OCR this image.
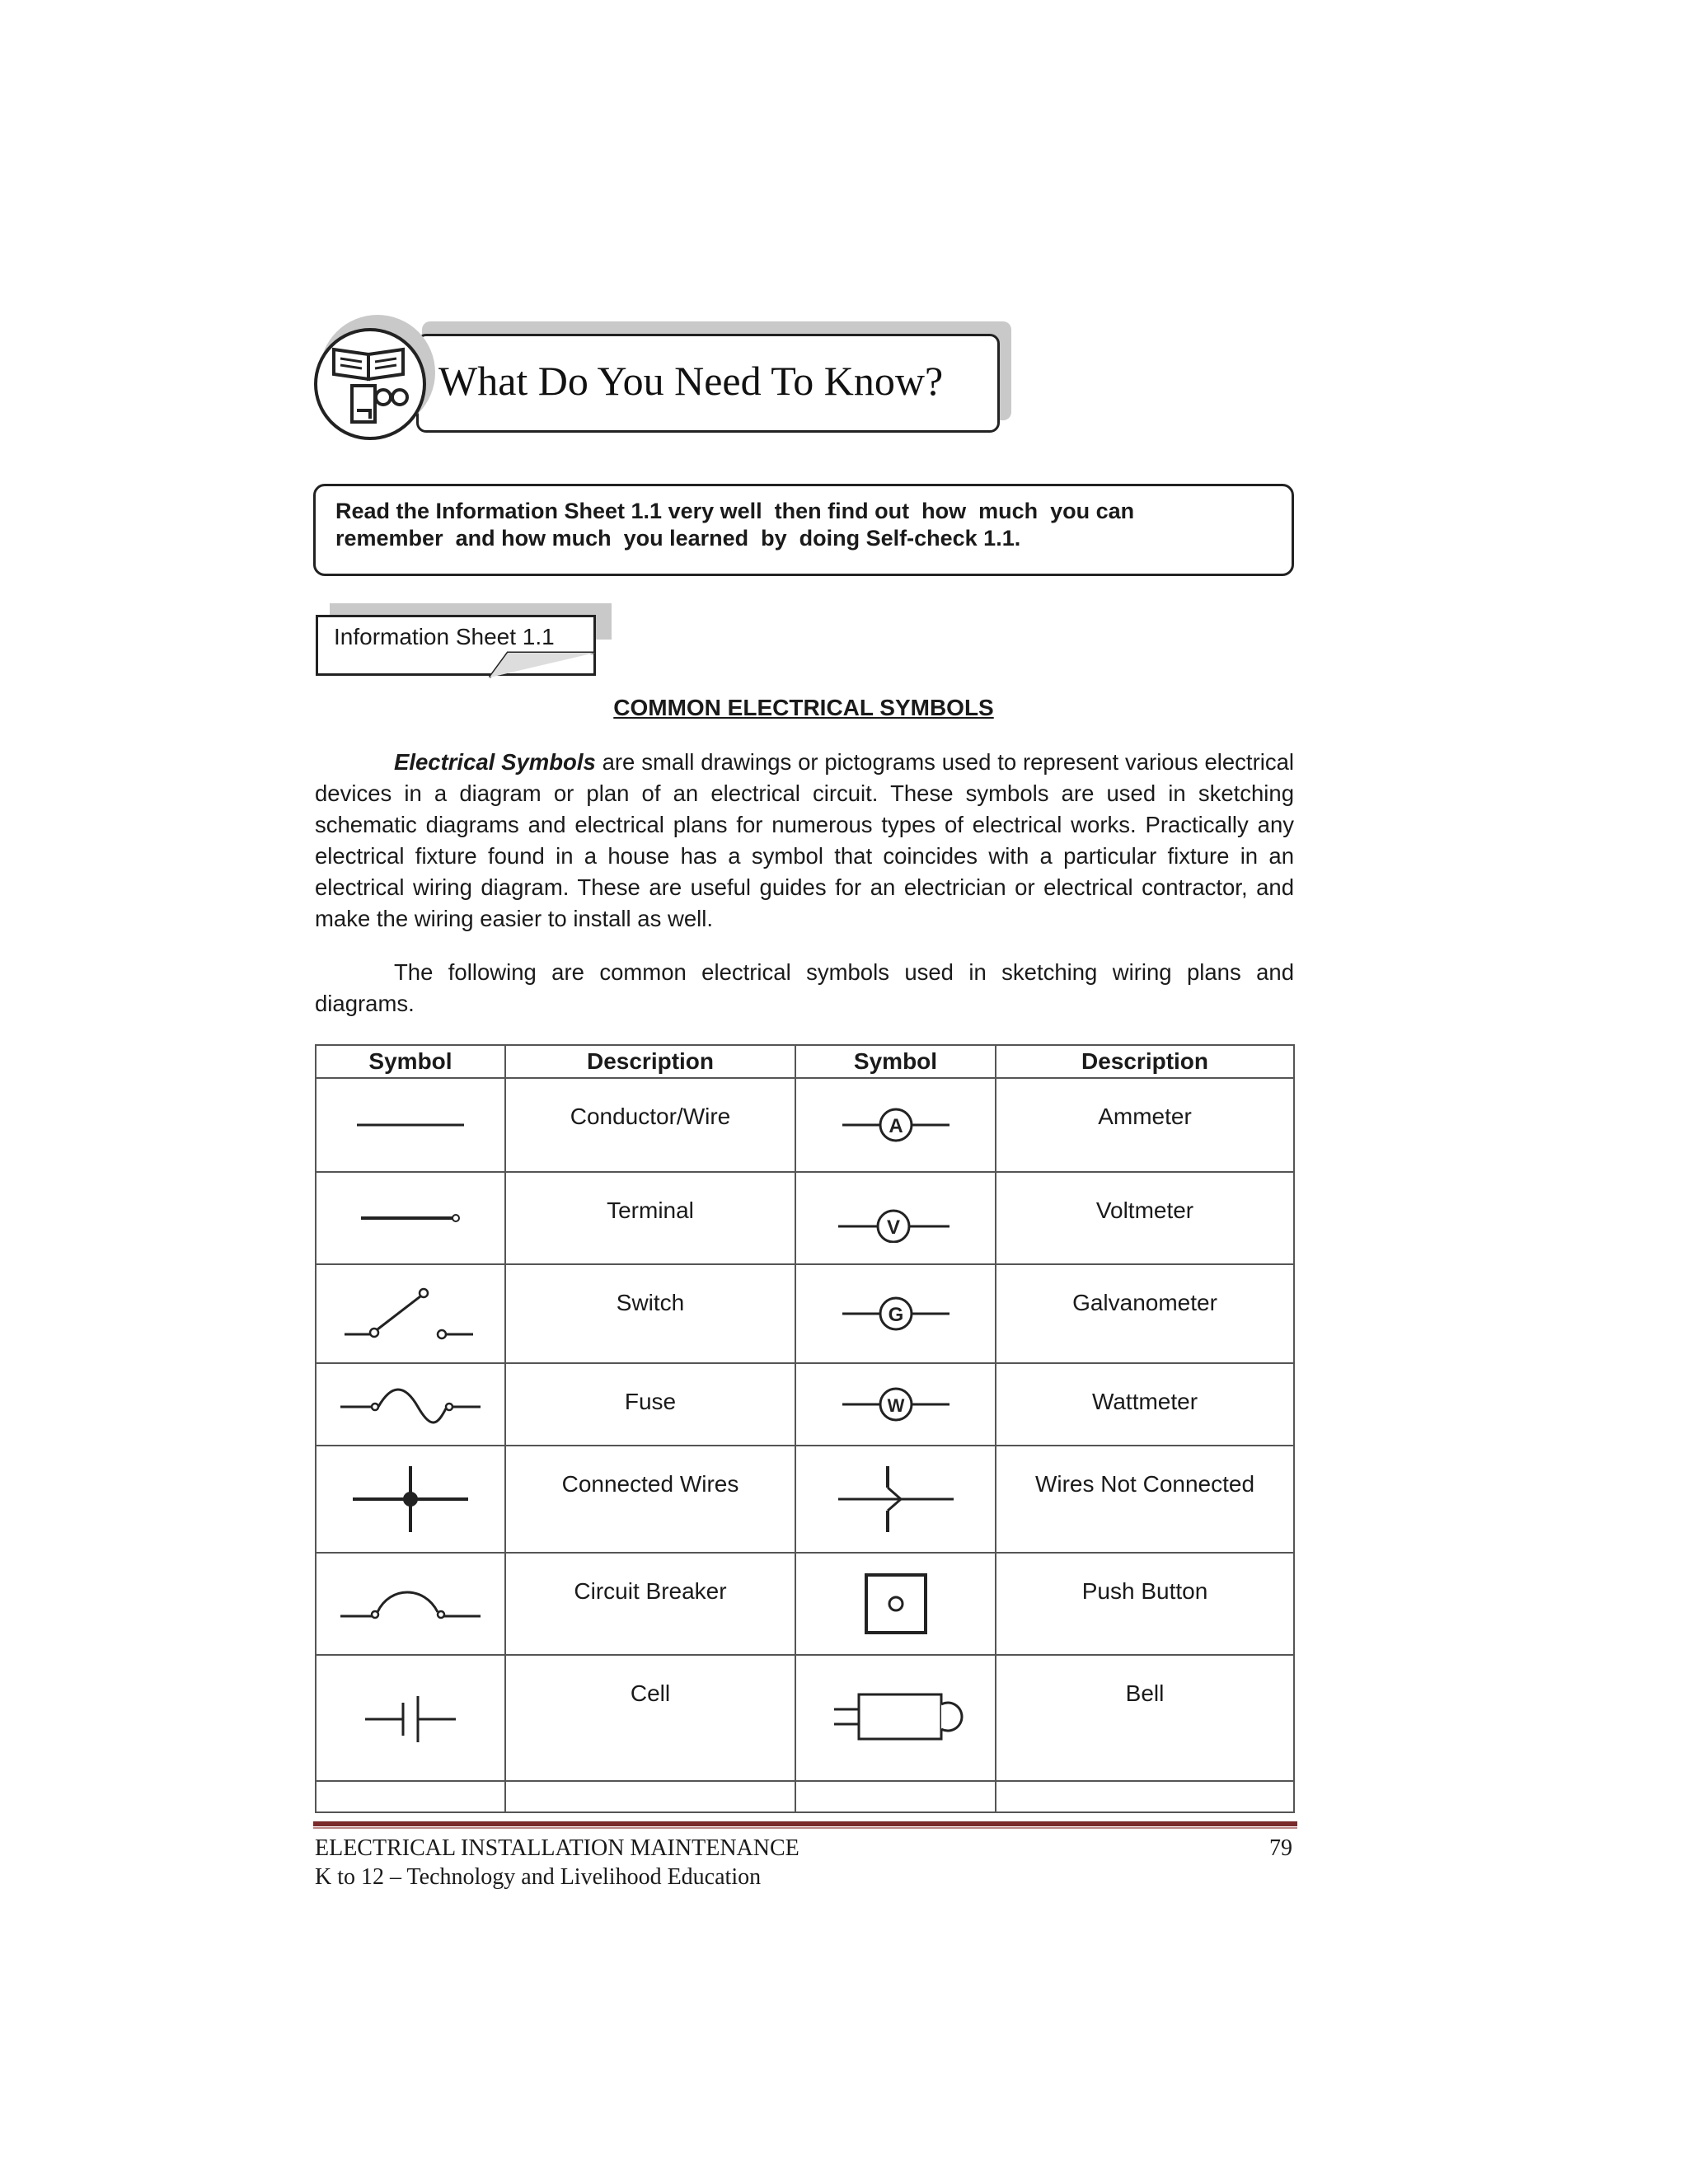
What Do You Need To Know?
Read the Information Sheet 1.1 very well  then find out  how  much  you can
remember  and how much  you learned  by  doing Self-check 1.1.
Information Sheet 1.1
COMMON ELECTRICAL SYMBOLS

Electrical Symbols are small drawings or pictograms used to represent various electrical devices in a diagram or plan of an electrical circuit. These symbols are used in sketching schematic diagrams and electrical plans for numerous types of electrical works. Practically any electrical fixture found in a house has a symbol that coincides with a particular fixture in an electrical wiring diagram. These are useful guides for an electrician or electrical contractor, and make the wiring easier to install as well.

The following are common electrical symbols used in sketching wiring plans and diagrams.

Symbol	Description	Symbol	Description

	Conductor/Wire	A	Ammeter

	Terminal	V	Voltmeter

	Switch	G	Galvanometer

	Fuse	W	Wattmeter

	Connected Wires		Wires Not Connected

	Circuit Breaker		Push Button

	Cell		Bell

ELECTRICAL INSTALLATION MAINTENANCE
K to 12 – Technology and Livelihood Education
79
